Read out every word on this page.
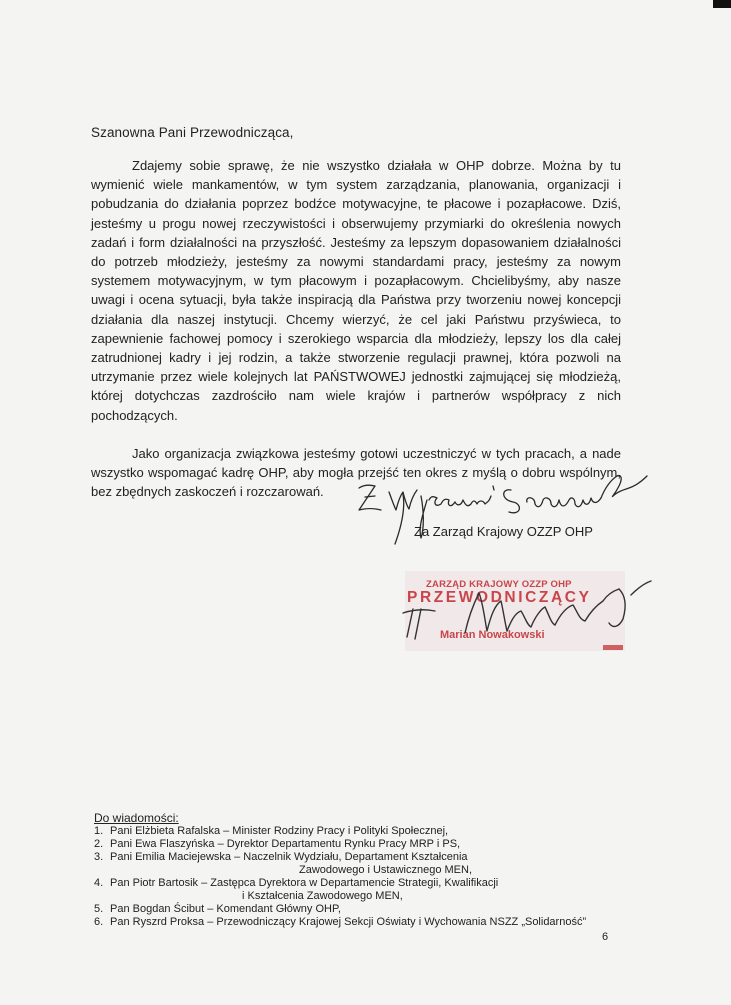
Szanowna Pani Przewodnicząca,

Zdajemy sobie sprawę, że nie wszystko działała w OHP dobrze. Można by tu wymienić wiele mankamentów, w tym system zarządzania, planowania, organizacji i pobudzania do działania poprzez bodźce motywacyjne, te płacowe i pozapłacowe. Dziś, jesteśmy u progu nowej rzeczywistości i obserwujemy przymiarki do określenia nowych zadań i form działalności na przyszłość. Jesteśmy za lepszym dopasowaniem działalności do potrzeb młodzieży, jesteśmy za nowymi standardami pracy, jesteśmy za nowym systemem motywacyjnym, w tym płacowym i pozapłacowym. Chcielibyśmy, aby nasze uwagi i ocena sytuacji, była także inspiracją dla Państwa przy tworzeniu nowej koncepcji działania dla naszej instytucji. Chcemy wierzyć, że cel jaki Państwu przyświeca, to zapewnienie fachowej pomocy i szerokiego wsparcia dla młodzieży, lepszy los dla całej zatrudnionej kadry i jej rodzin, a także stworzenie regulacji prawnej, która pozwoli na utrzymanie przez wiele kolejnych lat PAŃSTWOWEJ jednostki zajmującej się młodzieżą, której dotychczas zazdrościło nam wiele krajów i partnerów współpracy z nich pochodzących.

Jako organizacja związkowa jesteśmy gotowi uczestniczyć w tych pracach, a nade wszystko wspomagać kadrę OHP, aby mogła przejść ten okres z myślą o dobru wspólnym, bez zbędnych zaskoczeń i rozczarowań.

Za Zarząd Krajowy OZZP OHP
ZARZĄD KRAJOWY OZZP OHP
PRZEWODNICZĄCY
Marian Nowakowski
Do wiadomości:
1. Pani Elżbieta Rafalska – Minister Rodziny Pracy i Polityki Społecznej,
2. Pani Ewa Flaszyńska – Dyrektor Departamentu Rynku Pracy MRP i PS,
3. Pani Emilia Maciejewska – Naczelnik Wydziału, Departament Kształcenia
Zawodowego i Ustawicznego MEN,
4. Pan Piotr Bartosik – Zastępca Dyrektora w Departamencie Strategii, Kwalifikacji
i Kształcenia Zawodowego MEN,
5. Pan Bogdan Ścibut – Komendant Główny OHP,
6. Pan Ryszrd Proksa – Przewodniczący Krajowej Sekcji Oświaty i Wychowania NSZZ „Solidarność”
6
